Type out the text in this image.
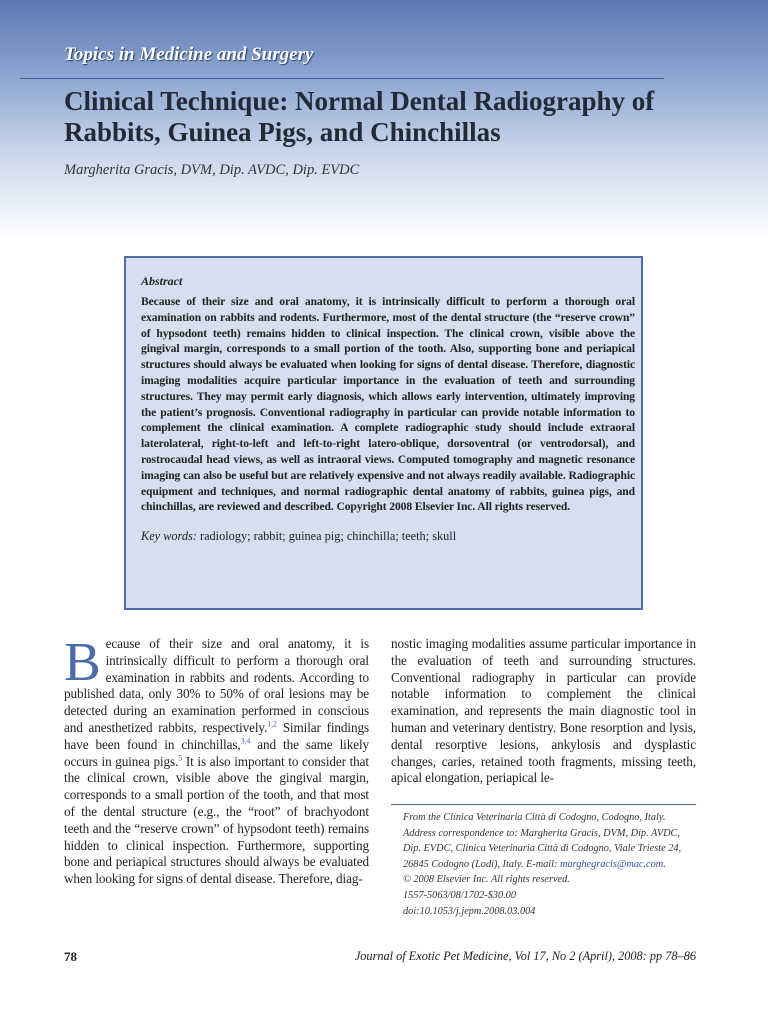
Topics in Medicine and Surgery
Clinical Technique: Normal Dental Radiography of Rabbits, Guinea Pigs, and Chinchillas
Margherita Gracis, DVM, Dip. AVDC, Dip. EVDC
Abstract
Because of their size and oral anatomy, it is intrinsically difficult to perform a thorough oral examination on rabbits and rodents. Furthermore, most of the dental structure (the “reserve crown” of hypsodont teeth) remains hidden to clinical inspection. The clinical crown, visible above the gingival margin, corresponds to a small portion of the tooth. Also, supporting bone and periapical structures should always be evaluated when looking for signs of dental disease. Therefore, diagnostic imaging modalities acquire particular importance in the evaluation of teeth and surrounding structures. They may permit early diagnosis, which allows early intervention, ultimately improving the patient’s prognosis. Conventional radiography in particular can provide notable information to complement the clinical examination. A complete radiographic study should include extraoral laterolateral, right-to-left and left-to-right latero-oblique, dorsoventral (or ventrodorsal), and rostrocaudal head views, as well as intraoral views. Computed tomography and magnetic resonance imaging can also be useful but are relatively expensive and not always readily available. Radiographic equipment and techniques, and normal radiographic dental anatomy of rabbits, guinea pigs, and chinchillas, are reviewed and described. Copyright 2008 Elsevier Inc. All rights reserved.
Key words: radiology; rabbit; guinea pig; chinchilla; teeth; skull
Because of their size and oral anatomy, it is intrinsically difficult to perform a thorough oral examination in rabbits and rodents. According to published data, only 30% to 50% of oral lesions may be detected during an examination performed in conscious and anesthetized rabbits, respectively.$^{1,2}$ Similar findings have been found in chinchillas,$^{3,4}$ and the same likely occurs in guinea pigs.$^5$ It is also important to consider that the clinical crown, visible above the gingival margin, corresponds to a small portion of the tooth, and that most of the dental structure (e.g., the “root” of brachyodont teeth and the “reserve crown” of hypsodont teeth) remains hidden to clinical inspection. Furthermore, supporting bone and periapical structures should always be evaluated when looking for signs of dental disease. Therefore, diag-
nostic imaging modalities assume particular importance in the evaluation of teeth and surrounding structures. Conventional radiography in particular can provide notable information to complement the clinical examination, and represents the main diagnostic tool in human and veterinary dentistry. Bone resorption and lysis, dental resorptive lesions, ankylosis and dysplastic changes, caries, retained tooth fragments, missing teeth, apical elongation, periapical le-

From the Clinica Veterinaria Città di Codogno, Codogno, Italy.

Address correspondence to: Margherita Gracis, DVM, Dip. AVDC, Dip. EVDC, Clinica Veterinaria Città di Codogno, Viale Trieste 24, 26845 Codogno (Lodi), Italy. E-mail: marghegracis@mac.com.

© 2008 Elsevier Inc. All rights reserved.

1557-5063/08/1702-$30.00

doi:10.1053/j.jepm.2008.03.004

78	Journal of Exotic Pet Medicine, Vol 17, No 2 (April), 2008: pp 78–86
